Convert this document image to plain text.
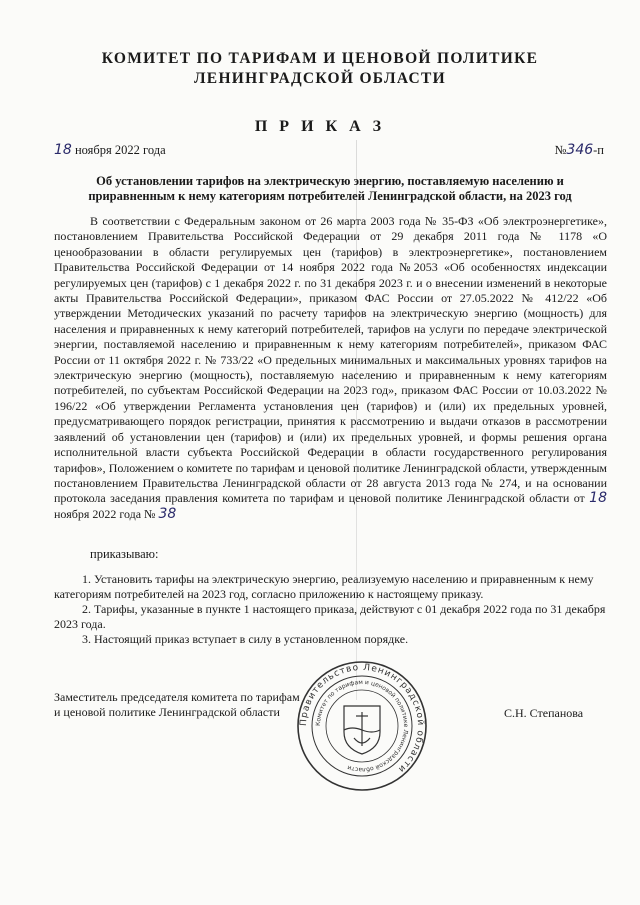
КОМИТЕТ ПО ТАРИФАМ И ЦЕНОВОЙ ПОЛИТИКЕ
ЛЕНИНГРАДСКОЙ ОБЛАСТИ
П Р И К А З
18 ноября 2022 года	№346-п
Об установлении тарифов на электрическую энергию, поставляемую населению и приравненным к нему категориям потребителей Ленинградской области, на 2023 год

В соответствии с Федеральным законом от 26 марта 2003 года № 35-ФЗ «Об электроэнергетике», постановлением Правительства Российской Федерации от 29 декабря 2011 года № 1178 «О ценообразовании в области регулируемых цен (тарифов) в электроэнергетике», постановлением Правительства Российской Федерации от 14 ноября 2022 года №2053 «Об особенностях индексации регулируемых цен (тарифов) с 1 декабря 2022 г. по 31 декабря 2023 г. и о внесении изменений в некоторые акты Правительства Российской Федерации», приказом ФАС России от 27.05.2022 № 412/22 «Об утверждении Методических указаний по расчету тарифов на электрическую энергию (мощность) для населения и приравненных к нему категорий потребителей, тарифов на услуги по передаче электрической энергии, поставляемой населению и приравненным к нему категориям потребителей», приказом ФАС России от 11 октября 2022 г. № 733/22 «О предельных минимальных и максимальных уровнях тарифов на электрическую энергию (мощность), поставляемую населению и приравненным к нему категориям потребителей, по субъектам Российской Федерации на 2023 год», приказом ФАС России от 10.03.2022 № 196/22 «Об утверждении Регламента установления цен (тарифов) и (или) их предельных уровней, предусматривающего порядок регистрации, принятия к рассмотрению и выдачи отказов в рассмотрении заявлений об установлении цен (тарифов) и (или) их предельных уровней, и формы решения органа исполнительной власти субъекта Российской Федерации в области государственного регулирования тарифов», Положением о комитете по тарифам и ценовой политике Ленинградской области, утвержденным постановлением Правительства Ленинградской области от 28 августа 2013 года № 274, и на основании протокола заседания правления комитета по тарифам и ценовой политике Ленинградской области от 18 ноября 2022 года № 38

приказываю:

1. Установить тарифы на электрическую энергию, реализуемую населению и приравненным к нему категориям потребителей на 2023 год, согласно приложению к настоящему приказу.

2. Тарифы, указанные в пункте 1 настоящего приказа, действуют с 01 декабря 2022 года по 31 декабря 2023 года.

3. Настоящий приказ вступает в силу в установленном порядке.

Заместитель председателя комитета по тарифам
и ценовой политике Ленинградской области	С.Н. Степанова
Правительство Ленинградской области
Комитет по тарифам и ценовой политике Ленинградской области
